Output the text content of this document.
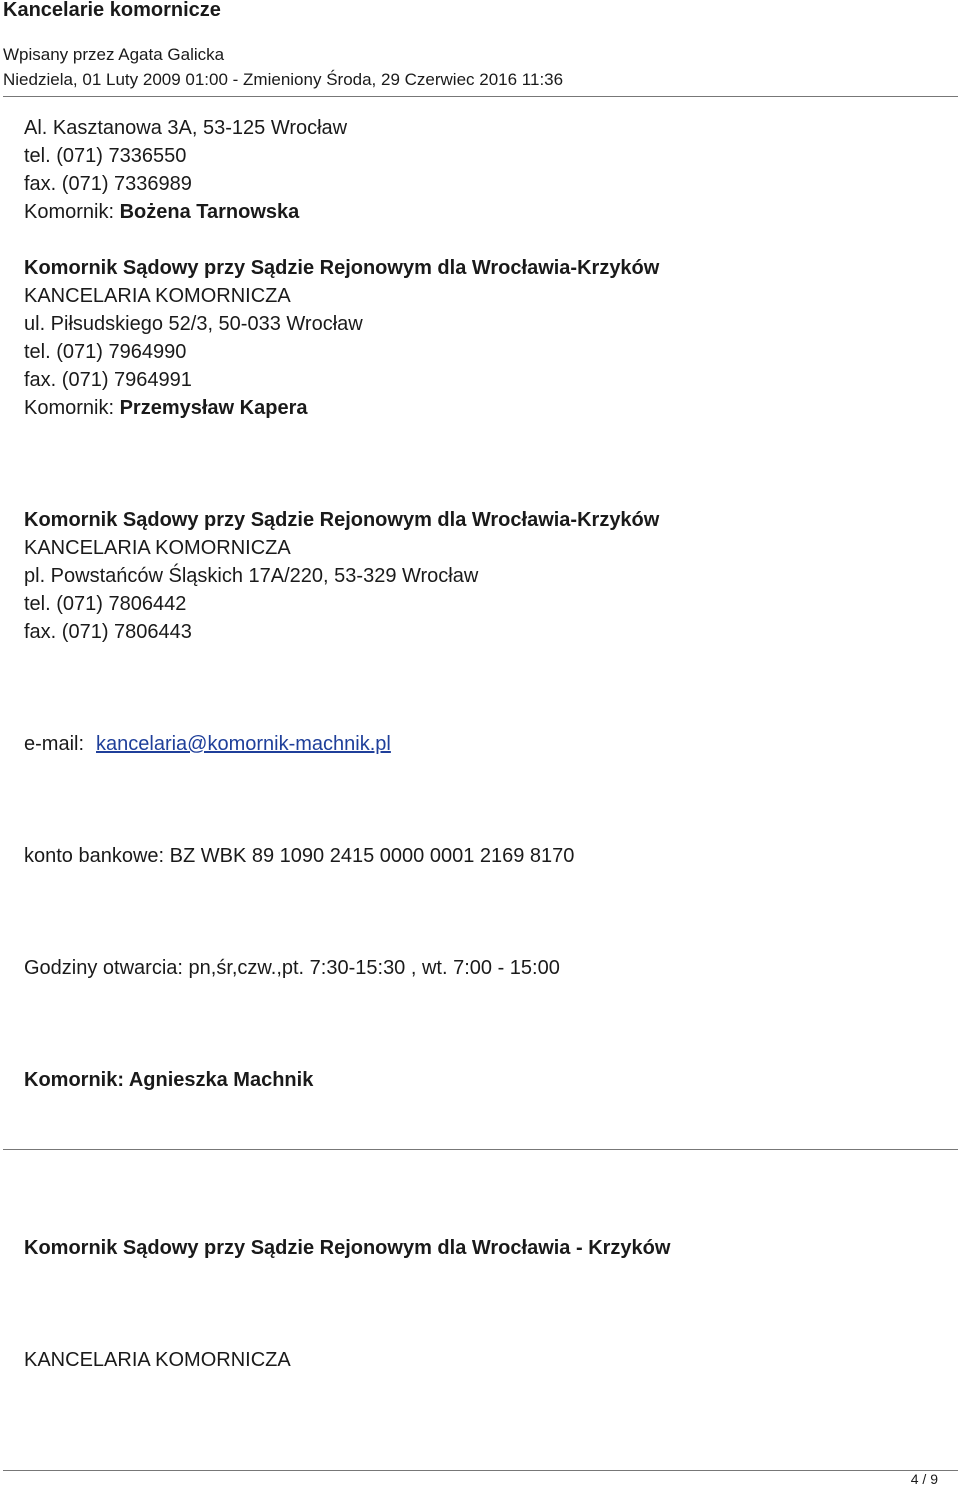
Kancelarie komornicze
Wpisany przez Agata Galicka
Niedziela, 01 Luty 2009 01:00 - Zmieniony Środa, 29 Czerwiec 2016 11:36
Al. Kasztanowa 3A, 53-125 Wrocław
tel. (071) 7336550
fax. (071) 7336989
Komornik: Bożena Tarnowska
Komornik Sądowy przy Sądzie Rejonowym dla Wrocławia-Krzyków
KANCELARIA KOMORNICZA
ul. Piłsudskiego 52/3, 50-033 Wrocław
tel. (071) 7964990
fax. (071) 7964991
Komornik: Przemysław Kapera
Komornik Sądowy przy Sądzie Rejonowym dla Wrocławia-Krzyków
KANCELARIA KOMORNICZA
pl. Powstańców Śląskich 17A/220, 53-329 Wrocław
tel. (071) 7806442
fax. (071) 7806443
e-mail: kancelaria@komornik-machnik.pl
konto bankowe: BZ WBK 89 1090 2415 0000 0001 2169 8170
Godziny otwarcia: pn,śr,czw.,pt. 7:30-15:30 , wt. 7:00 - 15:00
Komornik: Agnieszka Machnik
Komornik Sądowy przy Sądzie Rejonowym dla Wrocławia - Krzyków
KANCELARIA KOMORNICZA
4 / 9
